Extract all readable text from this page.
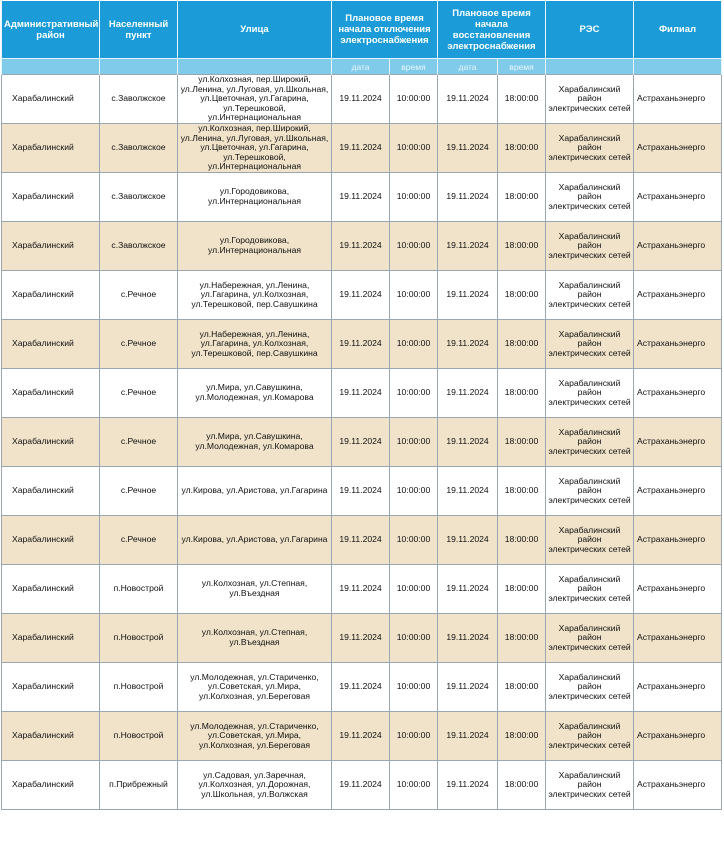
Административный район	Населенный пункт	Улица	Плановое время начала отключения электроснабжения		Плановое время начала восстановления электроснабжения		РЭС	Филиал
			дата	время	дата	время		
Харабалинский	с.Заволжское	ул.Колхозная, пер.Широкий, ул.Ленина, ул.Луговая, ул.Школьная, ул.Цветочная, ул.Гагарина, ул.Терешковой, ул.Интернациональная	19.11.2024	10:00:00	19.11.2024	18:00:00	Харабалинский район электрических сетей	Астраханьэнерго
Харабалинский	с.Заволжское	ул.Колхозная, пер.Широкий, ул.Ленина, ул.Луговая, ул.Школьная, ул.Цветочная, ул.Гагарина, ул.Терешковой, ул.Интернациональная	19.11.2024	10:00:00	19.11.2024	18:00:00	Харабалинский район электрических сетей	Астраханьэнерго
Харабалинский	с.Заволжское	ул.Городовикова, ул.Интернациональная	19.11.2024	10:00:00	19.11.2024	18:00:00	Харабалинский район электрических сетей	Астраханьэнерго
Харабалинский	с.Заволжское	ул.Городовикова, ул.Интернациональная	19.11.2024	10:00:00	19.11.2024	18:00:00	Харабалинский район электрических сетей	Астраханьэнерго
Харабалинский	с.Речное	ул.Набережная, ул.Ленина, ул.Гагарина, ул.Колхозная, ул.Терешковой, пер.Савушкина	19.11.2024	10:00:00	19.11.2024	18:00:00	Харабалинский район электрических сетей	Астраханьэнерго
Харабалинский	с.Речное	ул.Набережная, ул.Ленина, ул.Гагарина, ул.Колхозная, ул.Терешковой, пер.Савушкина	19.11.2024	10:00:00	19.11.2024	18:00:00	Харабалинский район электрических сетей	Астраханьэнерго
Харабалинский	с.Речное	ул.Мира, ул.Савушкина, ул.Молодежная, ул.Комарова	19.11.2024	10:00:00	19.11.2024	18:00:00	Харабалинский район электрических сетей	Астраханьэнерго
Харабалинский	с.Речное	ул.Мира, ул.Савушкина, ул.Молодежная, ул.Комарова	19.11.2024	10:00:00	19.11.2024	18:00:00	Харабалинский район электрических сетей	Астраханьэнерго
Харабалинский	с.Речное	ул.Кирова, ул.Аристова, ул.Гагарина	19.11.2024	10:00:00	19.11.2024	18:00:00	Харабалинский район электрических сетей	Астраханьэнерго
Харабалинский	с.Речное	ул.Кирова, ул.Аристова, ул.Гагарина	19.11.2024	10:00:00	19.11.2024	18:00:00	Харабалинский район электрических сетей	Астраханьэнерго
Харабалинский	п.Новострой	ул.Колхозная, ул.Степная, ул.Въездная	19.11.2024	10:00:00	19.11.2024	18:00:00	Харабалинский район электрических сетей	Астраханьэнерго
Харабалинский	п.Новострой	ул.Колхозная, ул.Степная, ул.Въездная	19.11.2024	10:00:00	19.11.2024	18:00:00	Харабалинский район электрических сетей	Астраханьэнерго
Харабалинский	п.Новострой	ул.Молодежная, ул.Стариченко, ул.Советская, ул.Мира, ул.Колхозная, ул.Береговая	19.11.2024	10:00:00	19.11.2024	18:00:00	Харабалинский район электрических сетей	Астраханьэнерго
Харабалинский	п.Новострой	ул.Молодежная, ул.Стариченко, ул.Советская, ул.Мира, ул.Колхозная, ул.Береговая	19.11.2024	10:00:00	19.11.2024	18:00:00	Харабалинский район электрических сетей	Астраханьэнерго
Харабалинский	п.Прибрежный	ул.Садовая, ул.Заречная, ул.Колхозная, ул.Дорожная, ул.Школьная, ул.Волжская	19.11.2024	10:00:00	19.11.2024	18:00:00	Харабалинский район электрических сетей	Астраханьэнерго
